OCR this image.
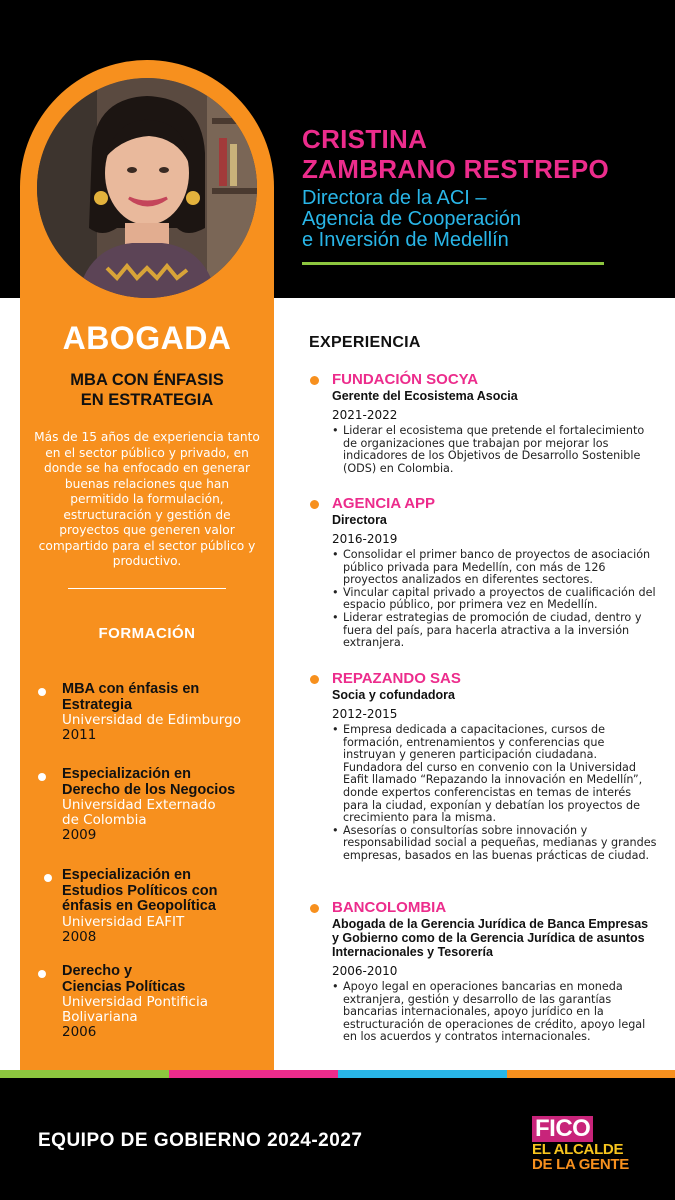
CRISTINA
ZAMBRANO RESTREPO
Directora de la ACI –
Agencia de Cooperación
e Inversión de Medellín
ABOGADA
MBA CON ÉNFASIS
EN ESTRATEGIA
Más de 15 años de experiencia tanto en el sector público y privado, en donde se ha enfocado en generar buenas relaciones que han permitido la formulación, estructuración y gestión de proyectos que generen valor compartido para el sector público y productivo.
FORMACIÓN
MBA con énfasis en
Estrategia
Universidad de Edimburgo
2011
Especialización en
Derecho de los Negocios
Universidad Externado
de Colombia
2009
Especialización en
Estudios Políticos con
énfasis en Geopolítica
Universidad EAFIT
2008
Derecho y
Ciencias Políticas
Universidad Pontificia
Bolivariana
2006
EXPERIENCIA
FUNDACIÓN SOCYA
Gerente del Ecosistema Asocia
2021-2022
• Liderar el ecosistema que pretende el fortalecimiento de organizaciones que trabajan por mejorar los indicadores de los Objetivos de Desarrollo Sostenible (ODS) en Colombia.
AGENCIA APP
Directora
2016-2019
• Consolidar el primer banco de proyectos de asociación público privada para Medellín, con más de 126 proyectos analizados en diferentes sectores.
• Vincular capital privado a proyectos de cualificación del espacio público, por primera vez en Medellín.
• Liderar estrategias de promoción de ciudad, dentro y fuera del país, para hacerla atractiva a la inversión extranjera.
REPAZANDO SAS
Socia y cofundadora
2012-2015
• Empresa dedicada a capacitaciones, cursos de formación, entrenamientos y conferencias que instruyan y generen participación ciudadana. Fundadora del curso en convenio con la Universidad Eafit llamado “Repazando la innovación en Medellín”, donde expertos conferencistas en temas de interés para la ciudad, exponían y debatían los proyectos de crecimiento para la misma.
• Asesorías o consultorías sobre innovación y responsabilidad social a pequeñas, medianas y grandes empresas, basados en las buenas prácticas de ciudad.
BANCOLOMBIA
Abogada de la Gerencia Jurídica de Banca Empresas y Gobierno como de la Gerencia Jurídica de asuntos Internacionales y Tesorería
2006-2010
• Apoyo legal en operaciones bancarias en moneda extranjera, gestión y desarrollo de las garantías bancarias internacionales, apoyo jurídico en la estructuración de operaciones de crédito, apoyo legal en los acuerdos y contratos internacionales.
EQUIPO DE GOBIERNO 2024-2027	FICO
EL ALCALDE
DE LA GENTE
